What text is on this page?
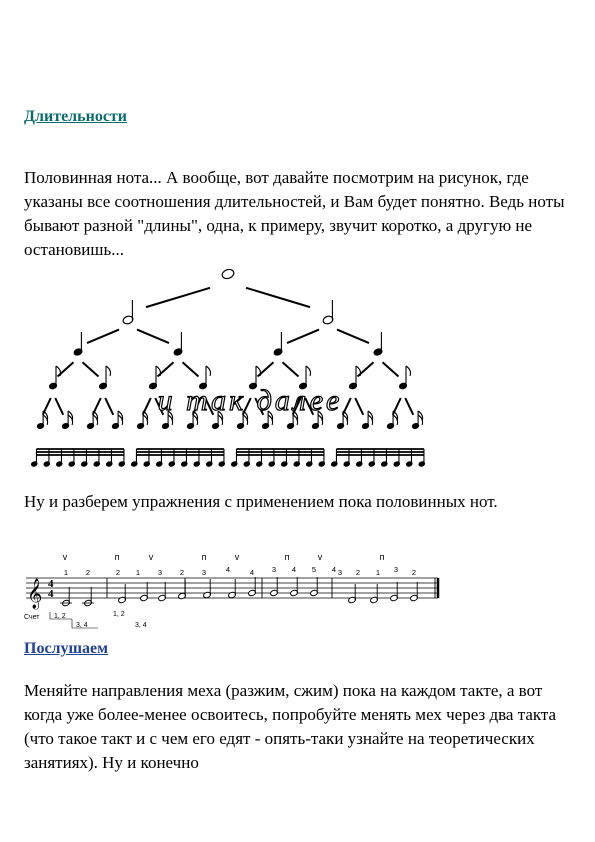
Длительности

Половинная нота... А вообще, вот давайте посмотрим на рисунок, где указаны все соотношения длительностей, и Вам будет понятно. Ведь ноты бывают разной "длины", одна, к примеру, звучит коротко, а другую не остановишь...

и так далее

Ну и разберем упражнения с применением пока половинных нот.

𝄞 4
4
v	п	v	п	v	п	v	п
1 2	2 1 3 2 3	4	4 3 4 5 4 3 2 1 3 2
Счет 1, 2
3, 4
1, 2
3, 4
Послушаем

Меняйте направления меха (разжим, сжим) пока на каждом такте, а вот когда уже более-менее освоитесь, попробуйте менять мех через два такта (что такое такт и с чем его едят - опять-таки узнайте на теоретических занятиях). Ну и конечно
